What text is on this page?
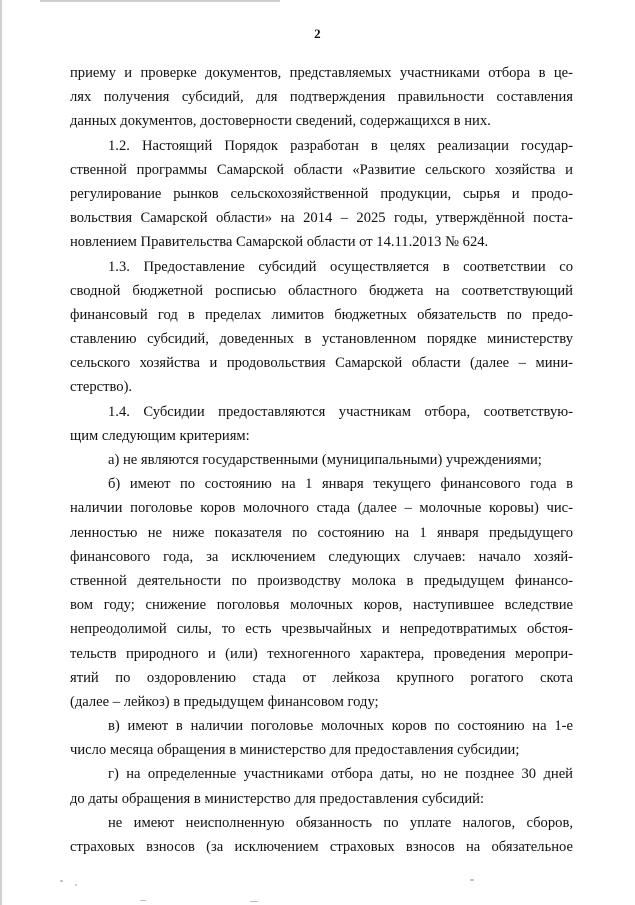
2
приему и проверке документов, представляемых участниками отбора в це-
лях получения субсидий, для подтверждения правильности составления
данных документов, достоверности сведений, содержащихся в них.
1.2. Настоящий Порядок разработан в целях реализации государ-
ственной программы Самарской области «Развитие сельского хозяйства и
регулирование рынков сельскохозяйственной продукции, сырья и продо-
вольствия Самарской области» на 2014 – 2025 годы, утверждённой поста-
новлением Правительства Самарской области от 14.11.2013 № 624.
1.3. Предоставление субсидий осуществляется в соответствии со
сводной бюджетной росписью областного бюджета на соответствующий
финансовый год в пределах лимитов бюджетных обязательств по предо-
ставлению субсидий, доведенных в установленном порядке министерству
сельского хозяйства и продовольствия Самарской области (далее – мини-
стерство).
1.4. Субсидии предоставляются участникам отбора, соответствую-
щим следующим критериям:
а) не являются государственными (муниципальными) учреждениями;
б) имеют по состоянию на 1 января текущего финансового года в
наличии поголовье коров молочного стада (далее – молочные коровы) чис-
ленностью не ниже показателя по состоянию на 1 января предыдущего
финансового года, за исключением следующих случаев: начало хозяй-
ственной деятельности по производству молока в предыдущем финансо-
вом году; снижение поголовья молочных коров, наступившее вследствие
непреодолимой силы, то есть чрезвычайных и непредотвратимых обстоя-
тельств природного и (или) техногенного характера, проведения меропри-
ятий по оздоровлению стада от лейкоза крупного рогатого скота
(далее – лейкоз) в предыдущем финансовом году;
в) имеют в наличии поголовье молочных коров по состоянию на 1-е
число месяца обращения в министерство для предоставления субсидии;
г) на определенные участниками отбора даты, но не позднее 30 дней
до даты обращения в министерство для предоставления субсидий:
не имеют неисполненную обязанность по уплате налогов, сборов,
страховых взносов (за исключением страховых взносов на обязательное
